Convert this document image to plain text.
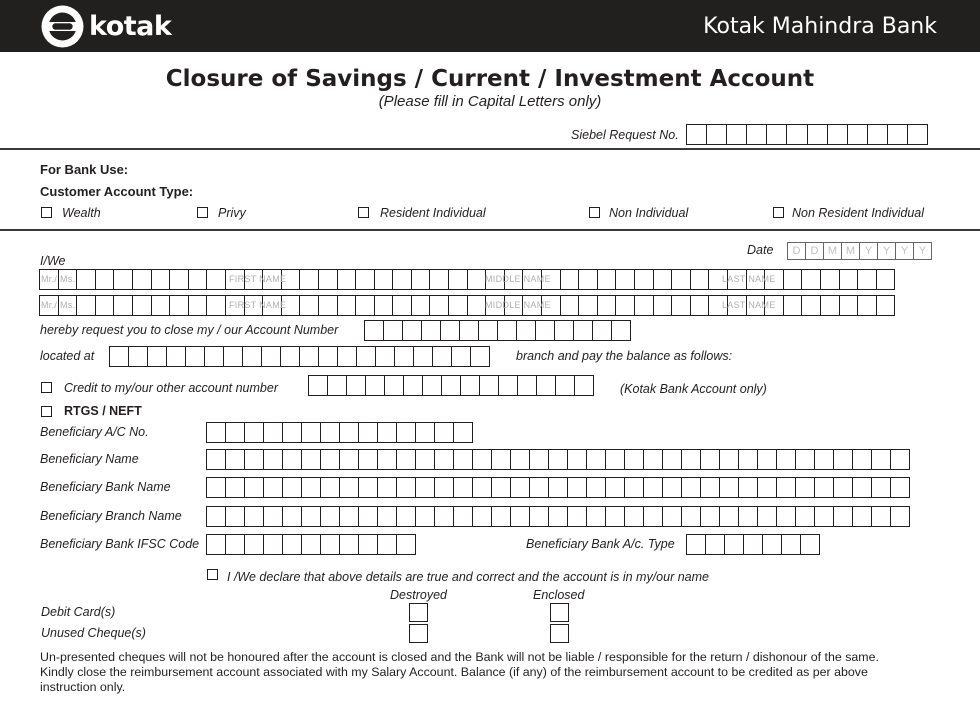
kotak	Kotak Mahindra Bank
Closure of Savings / Current / Investment Account
(Please fill in Capital Letters only)
Siebel Request No.
For Bank Use:
Customer Account Type:
Wealth	Privy	Resident Individual	Non Individual	Non Resident Individual
Date	D D M M Y Y Y Y
I/We
Mr./ Ms.	FIRST NAME	MIDDLE NAME	LAST NAME
Mr./ Ms.	FIRST NAME	MIDDLE NAME	LAST NAME
hereby request you to close my / our Account Number
located at	branch and pay the balance as follows:
Credit to my/our other account number	(Kotak Bank Account only)
RTGS / NEFT
Beneficiary A/C No.
Beneficiary Name
Beneficiary Bank Name
Beneficiary Branch Name
Beneficiary Bank IFSC Code	Beneficiary Bank A/c. Type
I /We declare that above details are true and correct and the account is in my/our name
Destroyed	Enclosed
Debit Card(s)
Unused Cheque(s)

Un-presented cheques will not be honoured after the account is closed and the Bank will not be liable / responsible for the return / dishonour of the same.

Kindly close the reimbursement account associated with my Salary Account. Balance (if any) of the reimbursement account to be credited as per above instruction only.
